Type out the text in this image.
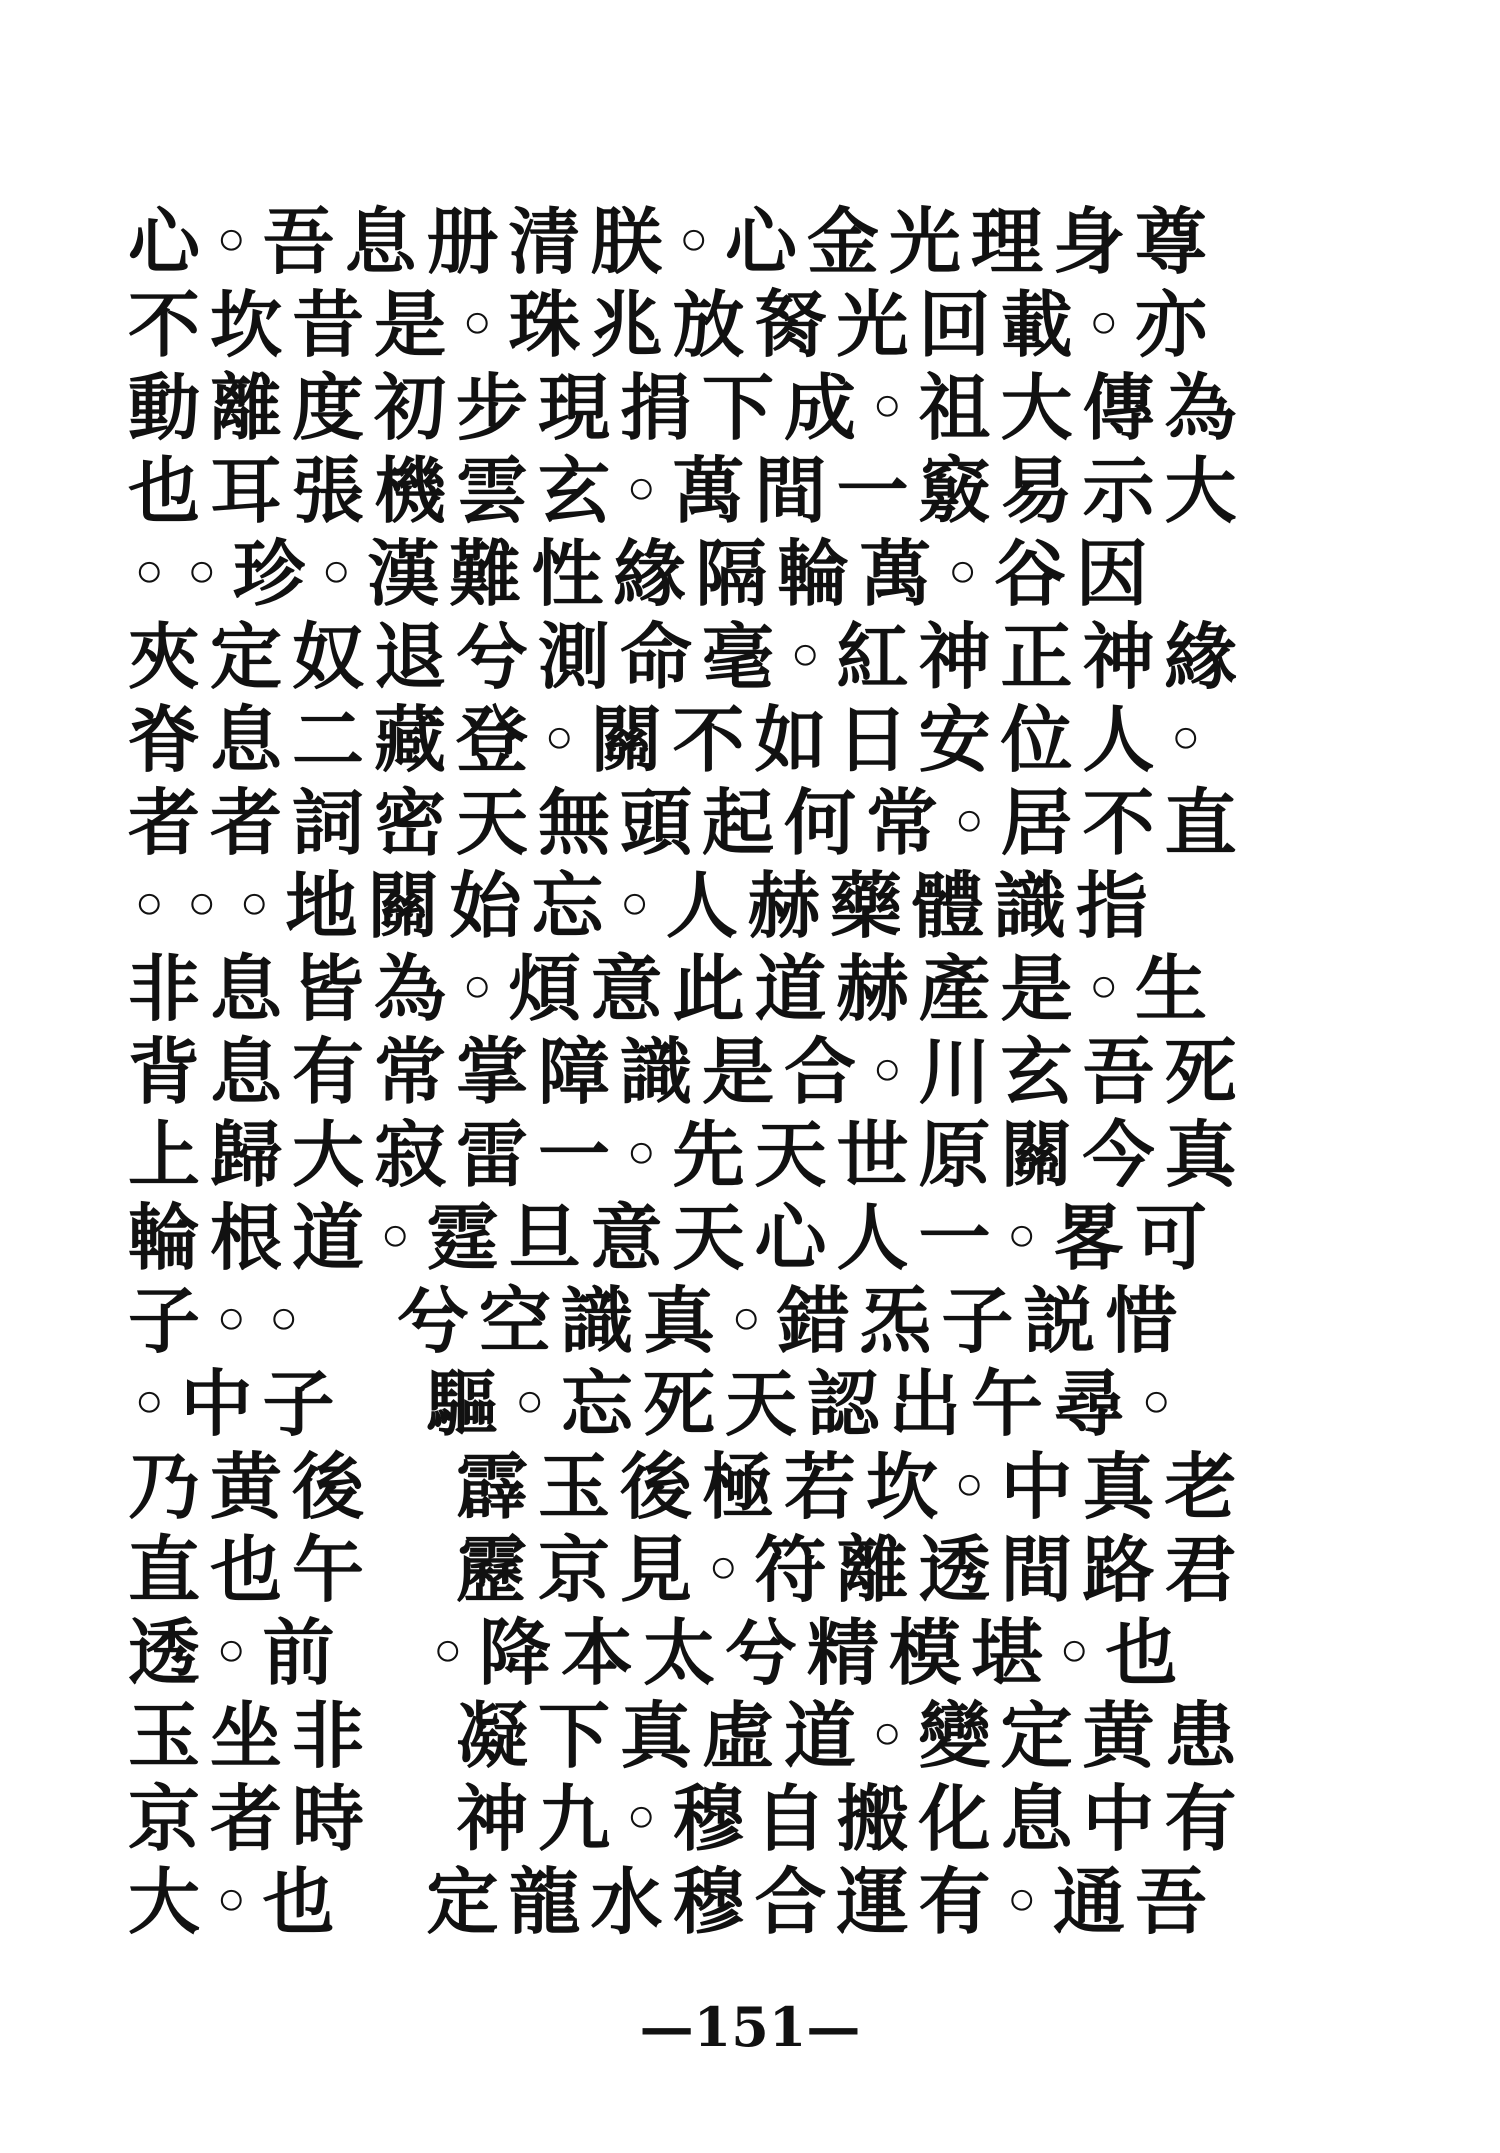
心◦吾息册清朕◦心金光理身尊
不坎昔是◦珠兆放胬光回載◦亦
動離度初步現捐下成◦祖大傳為
也耳張機雲玄◦萬間一竅易示大
◦◦珍◦漢難性緣隔輪萬◦谷因
夾定奴退兮測命毫◦紅神正神緣
脊息二藏登◦關不如日安位人◦
者者詞密天無頭起何常◦居不直
◦◦◦地關始忘◦人赫藥體識指
非息皆為◦煩意此道赫產是◦生
背息有常掌障識是合◦川玄吾死
上歸大寂雷一◦先天世原關今真
輪根道◦霆旦意天心人一◦畧可
子◦◦　兮空識真◦錯炁子説惜
◦中子　驅◦忘死天認出午尋◦
乃黄後　霹玉後極若坎◦中真老
直也午　靂京見◦符離透間路君
透◦前　◦降本太兮精模堪◦也
玉坐非　凝下真虛道◦變定黄患
京者時　神九◦穆自搬化息中有
大◦也　定龍水穆合運有◦通吾
—151—
